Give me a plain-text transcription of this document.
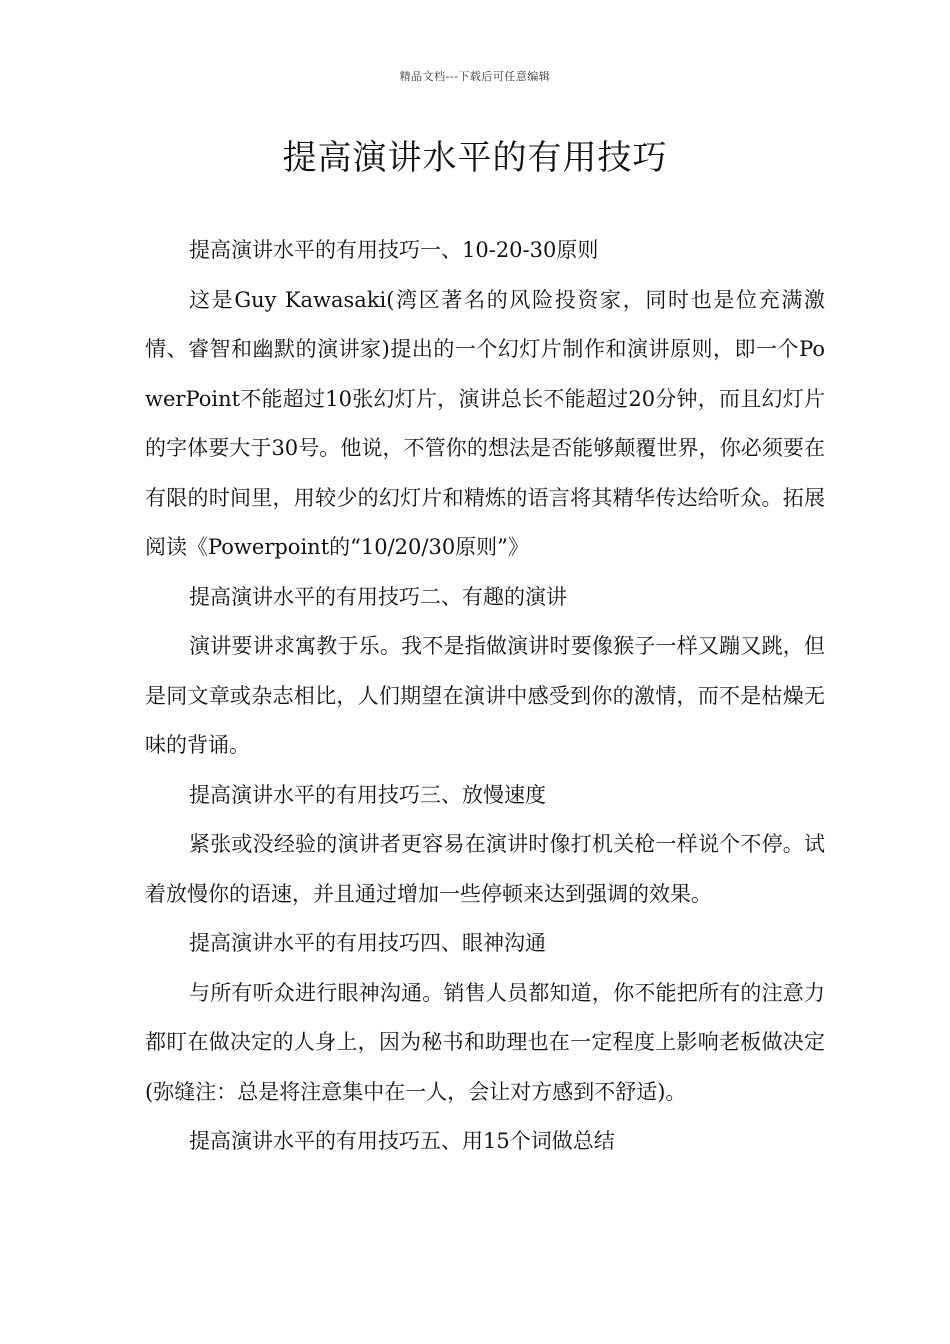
精品文档---下载后可任意编辑
提高演讲水平的有用技巧

提高演讲水平的有用技巧一、10-20-30原则

这是Guy Kawasaki(湾区著名的风险投资家，同时也是位充满激情、睿智和幽默的演讲家)提出的一个幻灯片制作和演讲原则，即一个PowerPoint不能超过10张幻灯片，演讲总长不能超过20分钟，而且幻灯片的字体要大于30号。他说，不管你的想法是否能够颠覆世界，你必须要在有限的时间里，用较少的幻灯片和精炼的语言将其精华传达给听众。拓展阅读《Powerpoint的“10/20/30原则”》

提高演讲水平的有用技巧二、有趣的演讲

演讲要讲求寓教于乐。我不是指做演讲时要像猴子一样又蹦又跳，但是同文章或杂志相比，人们期望在演讲中感受到你的激情，而不是枯燥无味的背诵。

提高演讲水平的有用技巧三、放慢速度

紧张或没经验的演讲者更容易在演讲时像打机关枪一样说个不停。试着放慢你的语速，并且通过增加一些停顿来达到强调的效果。

提高演讲水平的有用技巧四、眼神沟通

与所有听众进行眼神沟通。销售人员都知道，你不能把所有的注意力都盯在做决定的人身上，因为秘书和助理也在一定程度上影响老板做决定(弥缝注：总是将注意集中在一人，会让对方感到不舒适)。

提高演讲水平的有用技巧五、用15个词做总结
